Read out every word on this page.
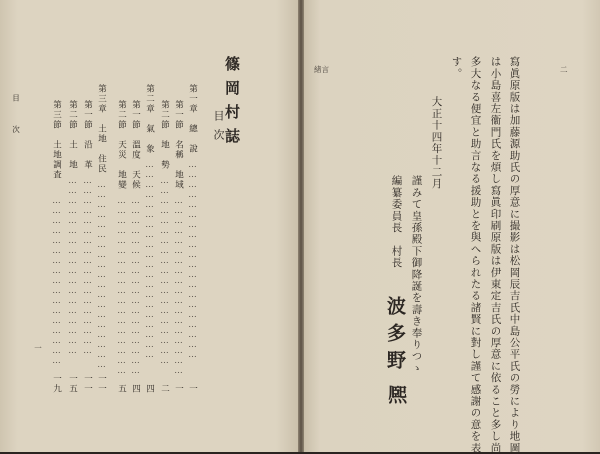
緒言	二
寫眞原版は加藤源助氏の厚意に撮影は松岡辰吉氏中島公平氏の勞により地圖
は小島喜左衞門氏を煩し寫眞印刷原版は伊東定吉氏の厚意に依ること多し尚
多大なる便宜と助言なる援助とを與へられたる諸賢に對し謹て感謝の意を表
す。
大正十四年十二月
謹みて皇孫殿下御降誕を壽き奉りつゝ
編纂委員長　村長
波多野
熈
篠岡村誌
目次
第一章　總　說
……………………………………………………
一
第一節　名稱　地域
………………………………………………
一
第二節　地　勢
…………………………………………………
二
第二章　氣　象
……………………………………………………
四
第一節　溫度　天候
………………………………………………
四
第二節　天災　地變
………………………………………………
五
第三章　土地　住民
…………………………………………………
一一
第一節　沿　革
………………………………………………
一一
第二節　土　地
………………………………………………
一五
第三節　土地調査
……………………………………………
一九
目次
一
